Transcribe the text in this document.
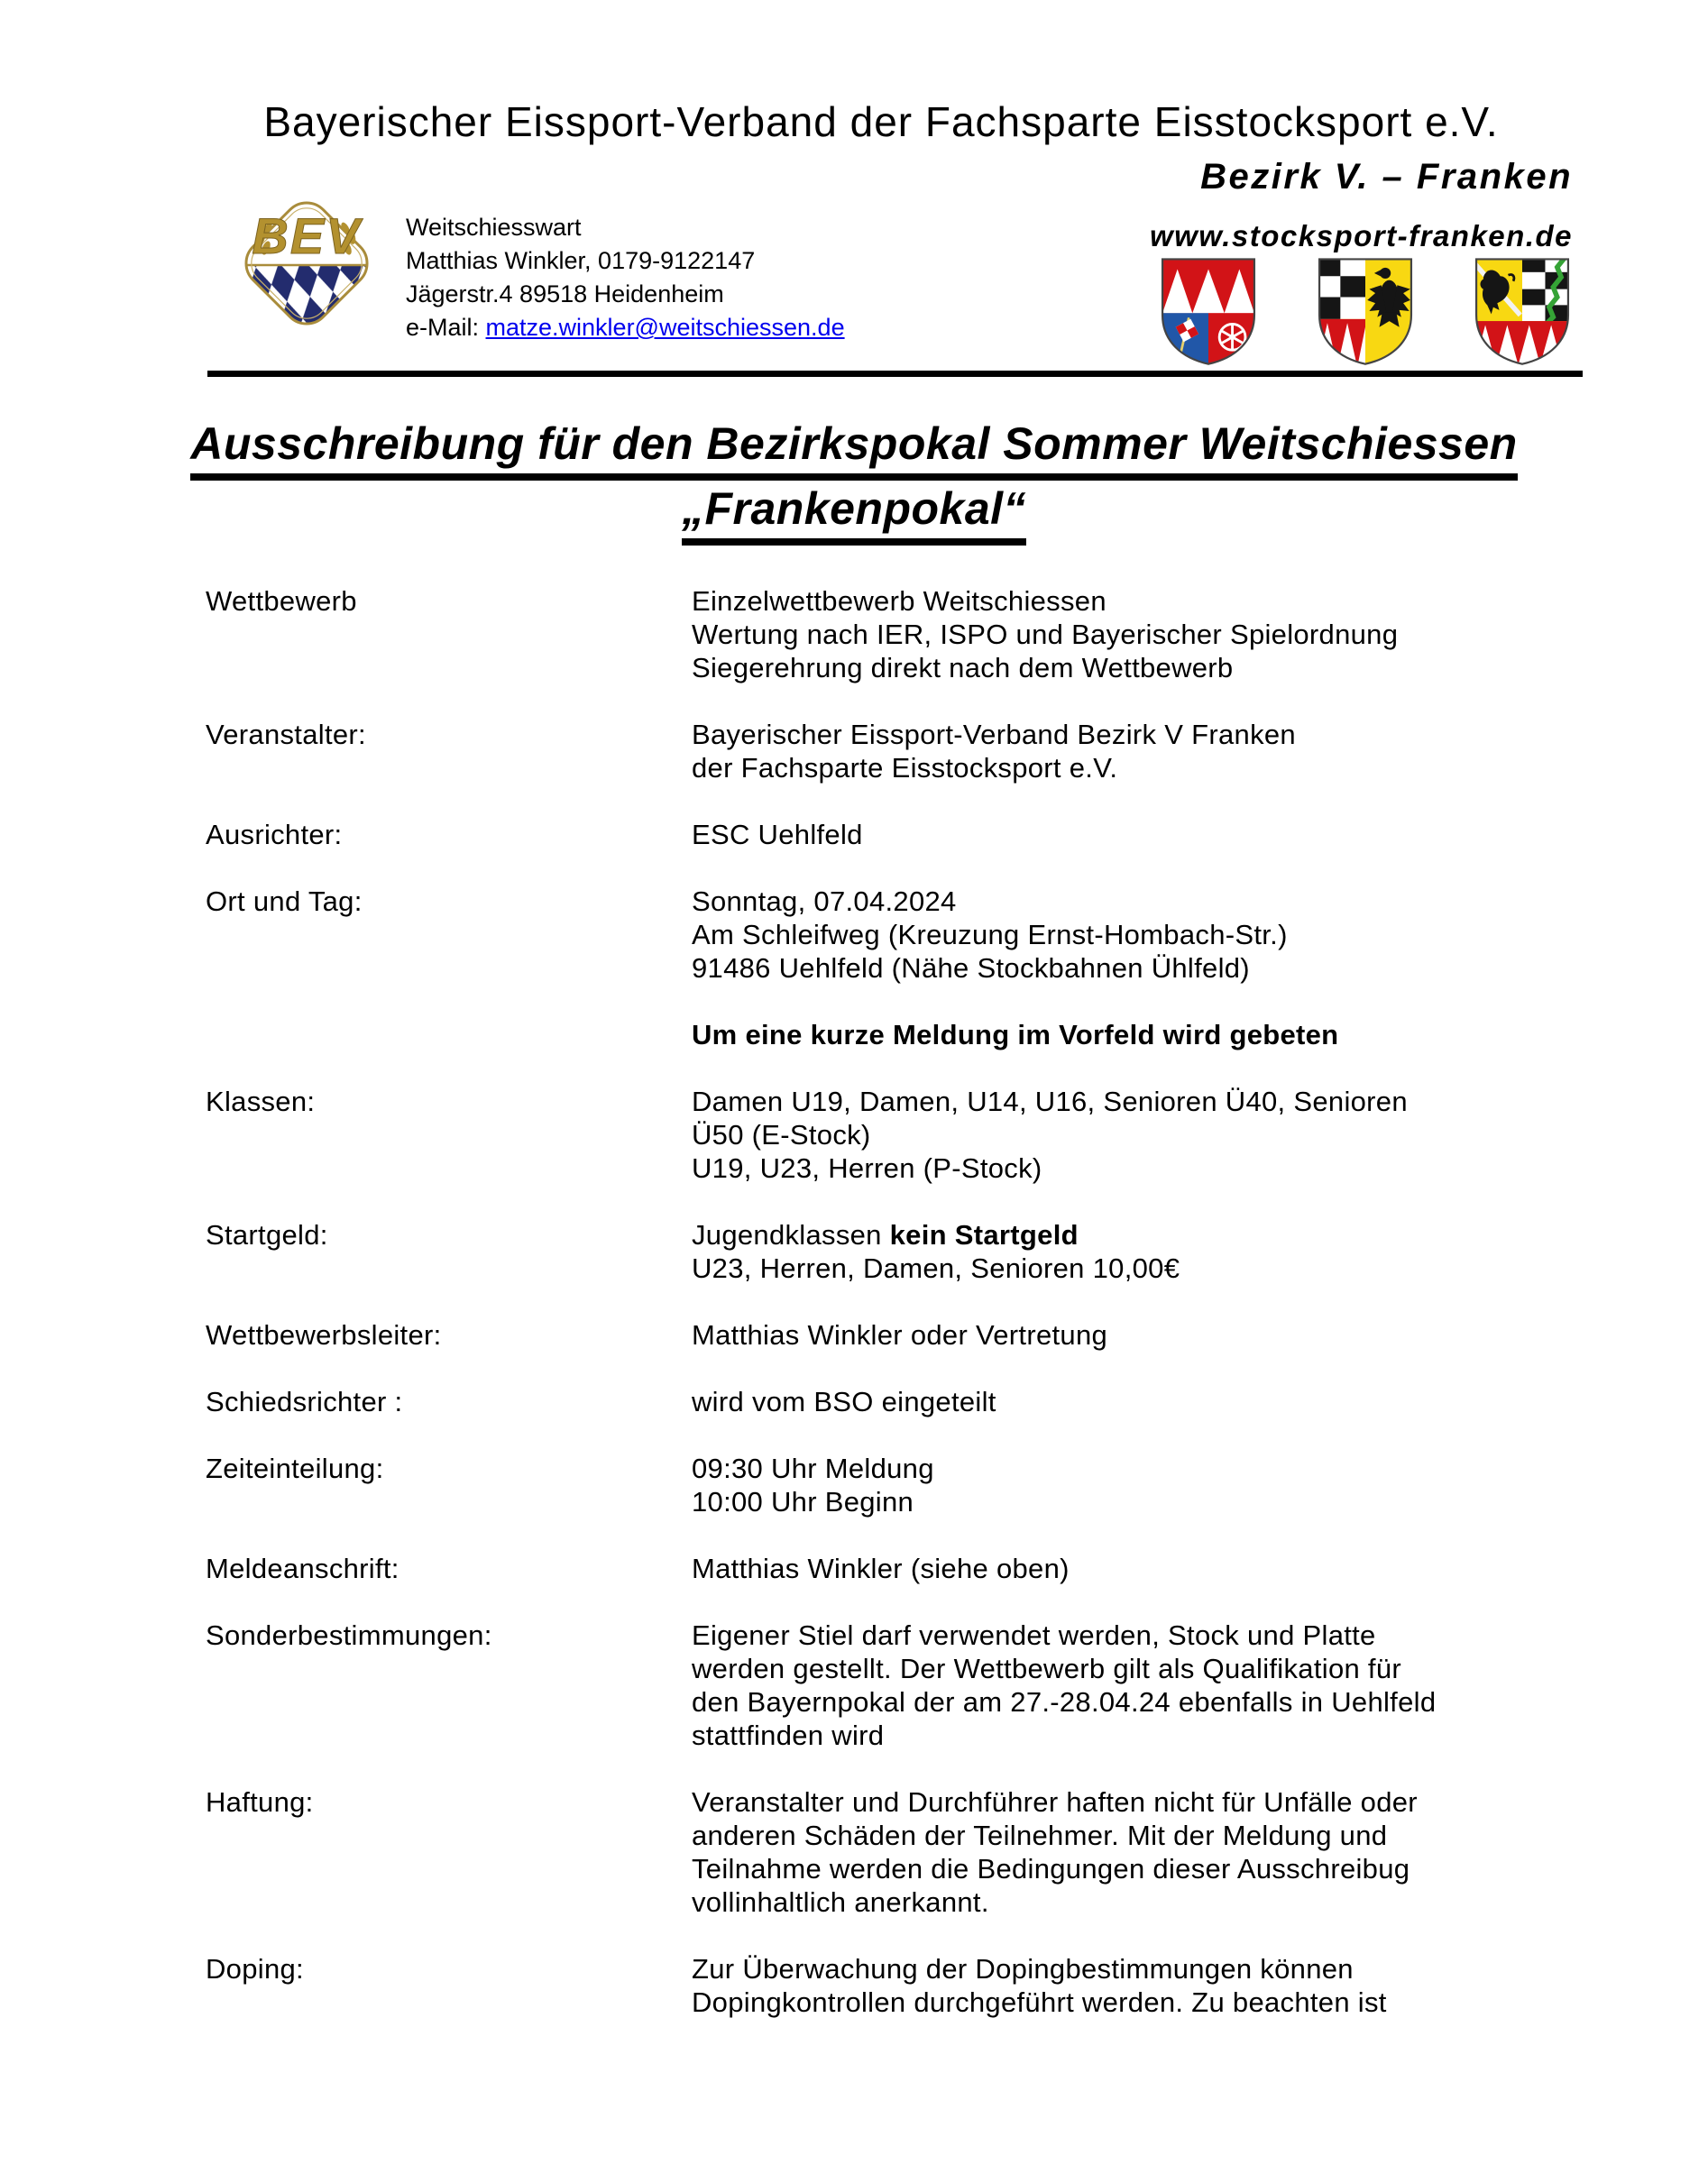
Bayerischer Eissport-Verband der Fachsparte Eisstocksport e.V.
Bezirk V. – Franken
www.stocksport-franken.de
BEV Weitschiesswart
Matthias Winkler, 0179-9122147
Jägerstr.4 89518 Heidenheim
e-Mail: matze.winkler@weitschiessen.de
Ausschreibung für den Bezirkspokal Sommer Weitschiessen
„Frankenpokal“
Wettbewerb	Einzelwettbewerb Weitschiessen
Wertung nach IER, ISPO und Bayerischer Spielordnung
Siegerehrung direkt nach dem Wettbewerb
Veranstalter:	Bayerischer Eissport-Verband Bezirk V Franken
der Fachsparte Eisstocksport e.V.
Ausrichter:	ESC Uehlfeld
Ort und Tag:	Sonntag, 07.04.2024
Am Schleifweg (Kreuzung Ernst-Hombach-Str.)
91486 Uehlfeld (Nähe Stockbahnen Ühlfeld)
Um eine kurze Meldung im Vorfeld wird gebeten
Klassen:	Damen U19, Damen, U14, U16, Senioren Ü40, Senioren
Ü50 (E-Stock)
U19, U23, Herren (P-Stock)
Startgeld:	Jugendklassen kein Startgeld
U23, Herren, Damen, Senioren 10,00€
Wettbewerbsleiter:	Matthias Winkler oder Vertretung
Schiedsrichter :	wird vom BSO eingeteilt
Zeiteinteilung:	09:30 Uhr Meldung
10:00 Uhr Beginn
Meldeanschrift:	Matthias Winkler (siehe oben)
Sonderbestimmungen:	Eigener Stiel darf verwendet werden, Stock und Platte
werden gestellt. Der Wettbewerb gilt als Qualifikation für
den Bayernpokal der am 27.-28.04.24 ebenfalls in Uehlfeld
stattfinden wird
Haftung:	Veranstalter und Durchführer haften nicht für Unfälle oder
anderen Schäden der Teilnehmer. Mit der Meldung und
Teilnahme werden die Bedingungen dieser Ausschreibug
vollinhaltlich anerkannt.
Doping:	Zur Überwachung der Dopingbestimmungen können
Dopingkontrollen durchgeführt werden. Zu beachten ist
